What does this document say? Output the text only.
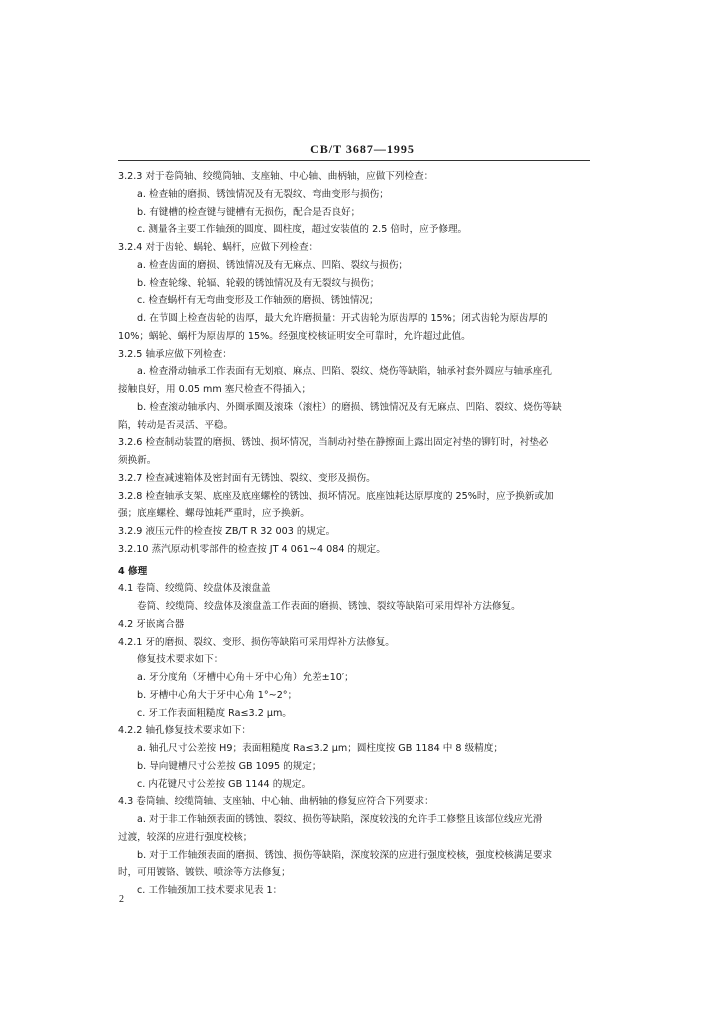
CB/T 3687—1995
3.2.3 对于卷筒轴、绞缆筒轴、支座轴、中心轴、曲柄轴，应做下列检查：
a. 检查轴的磨损、锈蚀情况及有无裂纹、弯曲变形与损伤；
b. 有键槽的检查键与键槽有无损伤，配合是否良好；
c. 测量各主要工作轴颈的圆度、圆柱度，超过安装值的 2.5 倍时，应予修理。
3.2.4 对于齿轮、蜗轮、蜗杆，应做下列检查：
a. 检查齿面的磨损、锈蚀情况及有无麻点、凹陷、裂纹与损伤；
b. 检查轮缘、轮辐、轮毂的锈蚀情况及有无裂纹与损伤；
c. 检查蜗杆有无弯曲变形及工作轴颈的磨损、锈蚀情况；
d. 在节圆上检查齿轮的齿厚，最大允许磨损量：开式齿轮为原齿厚的 15%；闭式齿轮为原齿厚的
10%；蜗轮、蜗杆为原齿厚的 15%。经强度校核证明安全可靠时，允许超过此值。
3.2.5 轴承应做下列检查：
a. 检查滑动轴承工作表面有无划痕、麻点、凹陷、裂纹、烧伤等缺陷，轴承衬套外圆应与轴承座孔
接触良好，用 0.05 mm 塞尺检查不得插入；
b. 检查滚动轴承内、外圈承圈及滚珠（滚柱）的磨损、锈蚀情况及有无麻点、凹陷、裂纹、烧伤等缺
陷，转动是否灵活、平稳。
3.2.6 检查制动装置的磨损、锈蚀、损坏情况，当制动衬垫在静擦面上露出固定衬垫的铆钉时，衬垫必
须换新。
3.2.7 检查减速箱体及密封面有无锈蚀、裂纹、变形及损伤。
3.2.8 检查轴承支架、底座及底座螺栓的锈蚀、损坏情况。底座蚀耗达原厚度的 25%时，应予换新或加
强；底座螺栓、螺母蚀耗严重时，应予换新。
3.2.9 液压元件的检查按 ZB/T R 32 003 的规定。
3.2.10 蒸汽原动机零部件的检查按 JT 4 061~4 084 的规定。
4 修理
4.1 卷筒、绞缆筒、绞盘体及滚盘盖
卷筒、绞缆筒、绞盘体及滚盘盖工作表面的磨损、锈蚀、裂纹等缺陷可采用焊补方法修复。
4.2 牙嵌离合器
4.2.1 牙的磨损、裂纹、变形、损伤等缺陷可采用焊补方法修复。
修复技术要求如下：
a. 牙分度角（牙槽中心角＋牙中心角）允差±10′；
b. 牙槽中心角大于牙中心角 1°~2°；
c. 牙工作表面粗糙度 Ra≤3.2 μm。
4.2.2 轴孔修复技术要求如下：
a. 轴孔尺寸公差按 H9；表面粗糙度 Ra≤3.2 μm；圆柱度按 GB 1184 中 8 级精度；
b. 导向键槽尺寸公差按 GB 1095 的规定；
c. 内花键尺寸公差按 GB 1144 的规定。
4.3 卷筒轴、绞缆筒轴、支座轴、中心轴、曲柄轴的修复应符合下列要求：
a. 对于非工作轴颈表面的锈蚀、裂纹、损伤等缺陷，深度较浅的允许手工修整且该部位线应光滑
过渡，较深的应进行强度校核；
b. 对于工作轴颈表面的磨损、锈蚀、损伤等缺陷，深度较深的应进行强度校核，强度校核满足要求
时，可用镀铬、镀铁、喷涂等方法修复；
c. 工作轴颈加工技术要求见表 1：
2
